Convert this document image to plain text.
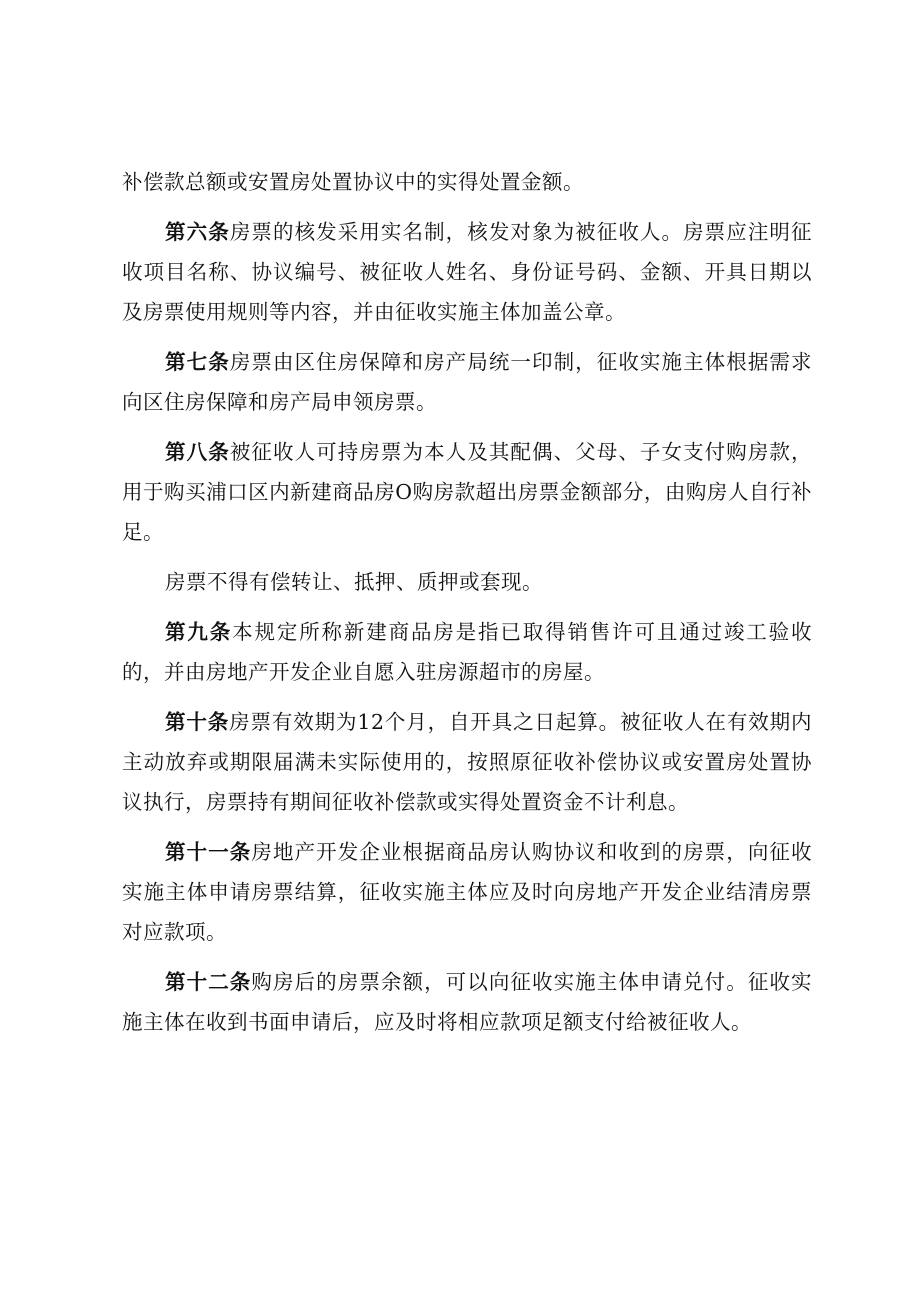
补偿款总额或安置房处置协议中的实得处置金额。

第六条房票的核发采用实名制，核发对象为被征收人。房票应注明征收项目名称、协议编号、被征收人姓名、身份证号码、金额、开具日期以及房票使用规则等内容，并由征收实施主体加盖公章。

第七条房票由区住房保障和房产局统一印制，征收实施主体根据需求向区住房保障和房产局申领房票。

第八条被征收人可持房票为本人及其配偶、父母、子女支付购房款，用于购买浦口区内新建商品房O购房款超出房票金额部分，由购房人自行补足。

房票不得有偿转让、抵押、质押或套现。

第九条本规定所称新建商品房是指已取得销售许可且通过竣工验收的，并由房地产开发企业自愿入驻房源超市的房屋。

第十条房票有效期为12个月，自开具之日起算。被征收人在有效期内主动放弃或期限届满未实际使用的，按照原征收补偿协议或安置房处置协议执行，房票持有期间征收补偿款或实得处置资金不计利息。

第十一条房地产开发企业根据商品房认购协议和收到的房票，向征收实施主体申请房票结算，征收实施主体应及时向房地产开发企业结清房票对应款项。

第十二条购房后的房票余额，可以向征收实施主体申请兑付。征收实施主体在收到书面申请后，应及时将相应款项足额支付给被征收人。
